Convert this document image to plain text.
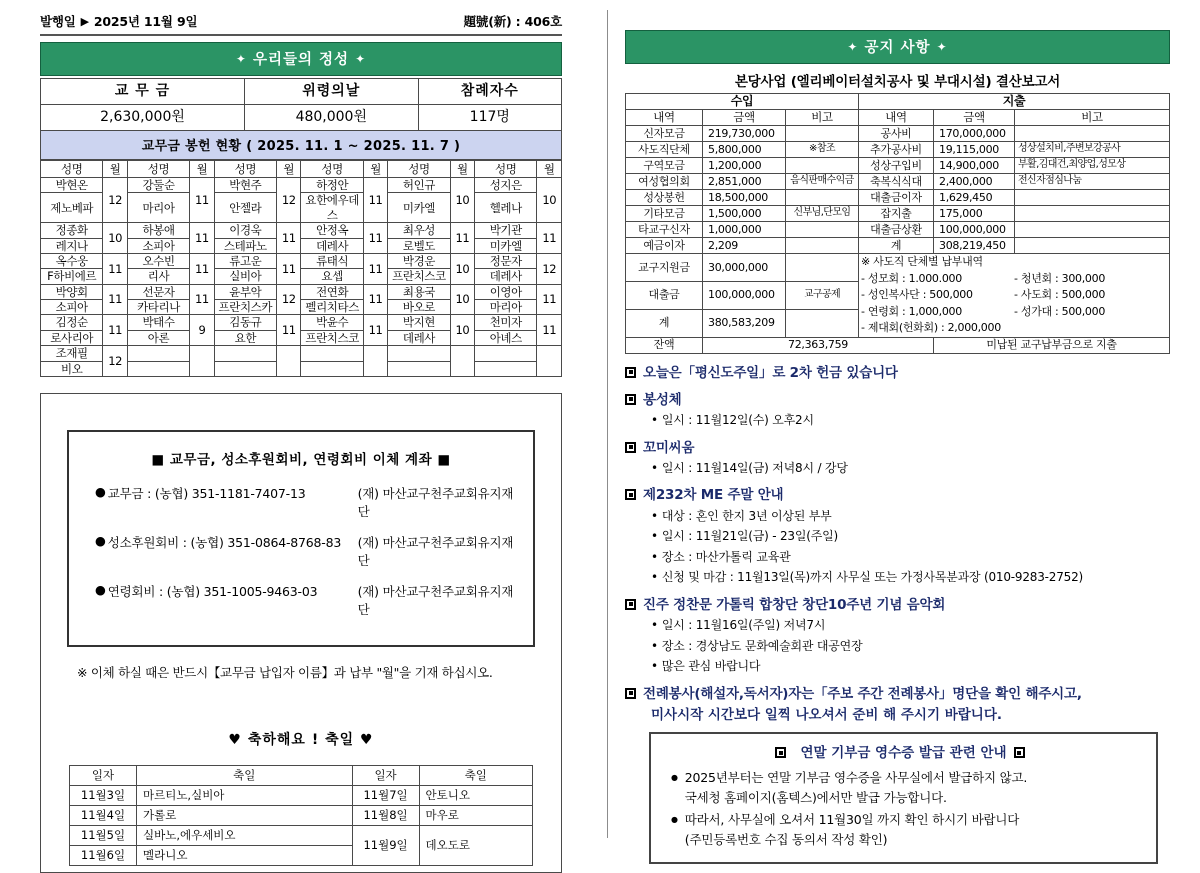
발행일 ▶ 2025년 11월 9일	題號(新) : 406호
✦ 우리들의 정성 ✦
교 무 금	위령의날	참례자수
2,630,000원	480,000원	117명
교무금 봉헌 현황 ( 2025. 11. 1 ~ 2025. 11. 7 )
성명	월	성명	월	성명	월	성명	월	성명	월	성명	월
박현온	12	강둘순	11	박현주	12	하정안	11	허인규	10	성지은	10
제노베파		마리아		안젤라		요한에우데스		미카엘		헬레나	
정종화	10	하봉애	11	이경욱	11	안정옥	11	최우성	11	박기관	11
레지나		소피아		스테파노		데레사		로벨도		미카엘	
옥수웅	11	오수빈	11	류고운	11	류태식	11	박경운	10	정문자	12
F하비에르		리사		실비아		요셉		프란치스코		데레사	
박양회	11	선문자	11	윤부악	12	전연화	11	최용국	10	이영아	11
소피아		카타리나		프란치스카		펠리치타스		바오로		마리아	
김정순	11	박태수	9	김동규	11	박윤수	11	박지현	10	천미자	11
로사리아		아론		요한		프란치스코		데레사		아녜스	
조재필	12										
비오											
■ 교무금, 성소후원회비, 연령회비 이체 계좌 ■
● 교무금 : (농협) 351-1181-7407-13	(재) 마산교구천주교회유지재단
● 성소후원회비 : (농협) 351-0864-8768-83	(재) 마산교구천주교회유지재단
● 연령회비 : (농협) 351-1005-9463-03	(재) 마산교구천주교회유지재단
※ 이체 하실 때은 반드시【교무금 납입자 이름】과 납부 "월"을 기재 하십시오.
♥ 축하해요 ! 축일 ♥
일자	축일	일자	축일
11월3일	마르티노,실비아	11월7일	안토니오
11월4일	가롤로	11월8일	마우로
11월5일	실바노,에우세비오	11월9일	데오도로
11월6일	멜라니오		
✦ 공지 사항 ✦
본당사업 (엘리베이터설치공사 및 부대시설) 결산보고서
수입			지출		
내역	금액	비고	내역	금액	비고
신자모금	219,730,000		공사비	170,000,000	
사도직단체	5,800,000	※참조	추가공사비	19,115,000	성상설치비,주변보강공사
구역모금	1,200,000		성상구입비	14,900,000	부활,김대건,최양업,성모상
여성협의회	2,851,000	음식판매수익금	축복식식대	2,400,000	전신자점심나눔
성상봉헌	18,500,000		대출금이자	1,629,450	
기타모금	1,500,000	신부님,단모임	잡지출	175,000	
타교구신자	1,000,000		대출금상환	100,000,000	
예금이자	2,209		계	308,219,450	
교구지원금	30,000,000		※ 사도직 단체별 납부내역
- 성모회 : 1.000.000	- 청년회 : 300,000
- 성인복사단 : 500,000	- 사도회 : 500,000
- 연령회 : 1,000,000	- 성가대 : 500,000
- 제대회(헌화회) : 2,000,000

대출금	100,000,000	교구공제			
계	380,583,209				
잔액	72,363,759			미납된 교구납부금으로 지출	
오늘은「평신도주일」로 2차 헌금 있습니다
봉성체
• 일시 : 11월12일(수) 오후2시
꼬미씨움
• 일시 : 11월14일(금) 저녁8시 / 강당
제232차 ME 주말 안내
• 대상 : 혼인 한지 3년 이상된 부부
• 일시 : 11월21일(금) - 23일(주일)
• 장소 : 마산가톨릭 교육관
• 신청 및 마감 : 11월13일(목)까지 사무실 또는 가정사목분과장 (010-9283-2752)
진주 정찬문 가톨릭 합창단 창단10주년 기념 음악회
• 일시 : 11월16일(주일) 저녁7시
• 장소 : 경상남도 문화예술회관 대공연장
• 많은 관심 바랍니다
전례봉사(해설자,독서자)자는「주보 주간 전례봉사」명단을 확인 해주시고,
미사시작 시간보다 일찍 나오셔서 준비 해 주시기 바랍니다.
연말 기부금 영수증 발급 관련 안내
● 2025년부터는 연말 기부금 영수증을 사무실에서 발급하지 않고.
국세청 홈페이지(홈텍스)에서만 발급 가능합니다.
● 따라서, 사무실에 오셔서 11월30일 까지 확인 하시기 바랍니다
(주민등록번호 수집 동의서 작성 확인)
